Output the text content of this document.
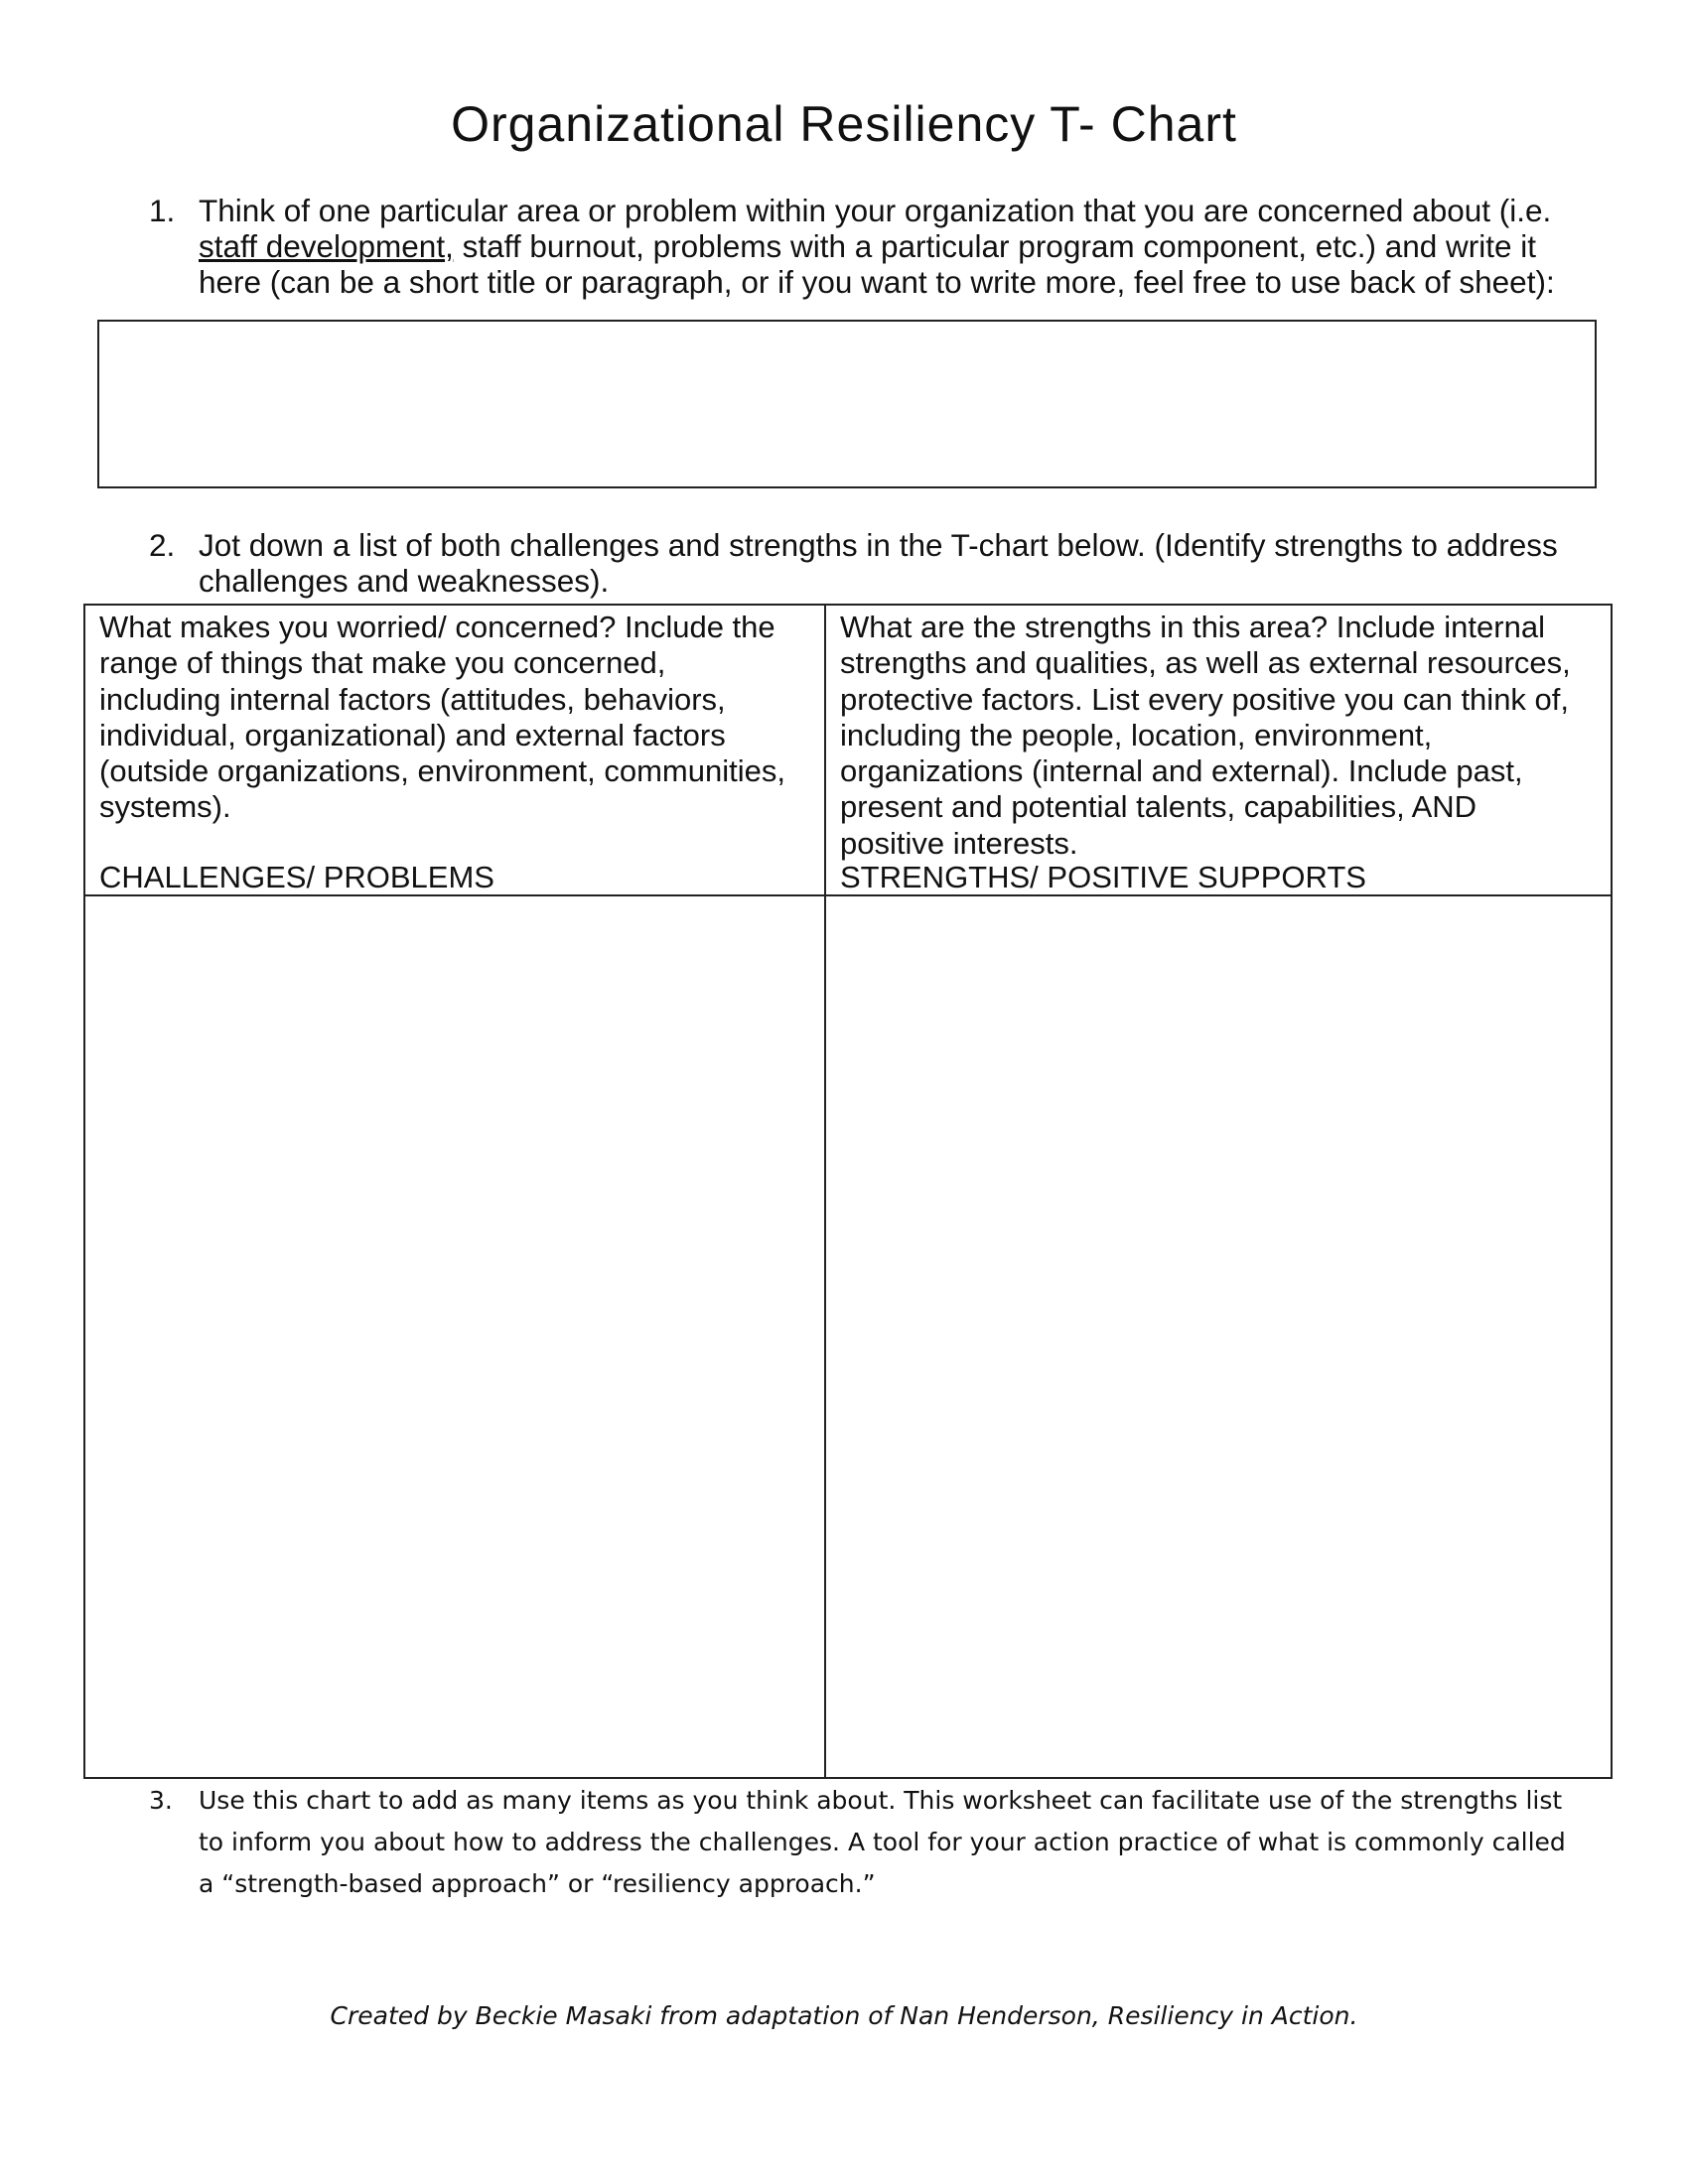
Organizational Resiliency T- Chart
1. Think of one particular area or problem within your organization that you are concerned about (i.e. staff development, staff burnout, problems with a particular program component, etc.) and write it here (can be a short title or paragraph, or if you want to write more, feel free to use back of sheet):
2. Jot down a list of both challenges and strengths in the T-chart below. (Identify strengths to address challenges and weaknesses).
What makes you worried/ concerned? Include the
range of things that make you concerned,
including internal factors (attitudes, behaviors,
individual, organizational) and external factors
(outside organizations, environment, communities,
systems).
CHALLENGES/ PROBLEMS
What are the strengths in this area? Include internal
strengths and qualities, as well as external resources,
protective factors. List every positive you can think of,
including the people, location, environment,
organizations (internal and external). Include past,
present and potential talents, capabilities, AND
positive interests.
STRENGTHS/ POSITIVE SUPPORTS
3. Use this chart to add as many items as you think about. This worksheet can facilitate use of the strengths list to inform you about how to address the challenges. A tool for your action practice of what is commonly called a “strength-based approach” or “resiliency approach.”
Created by Beckie Masaki from adaptation of Nan Henderson, Resiliency in Action.
